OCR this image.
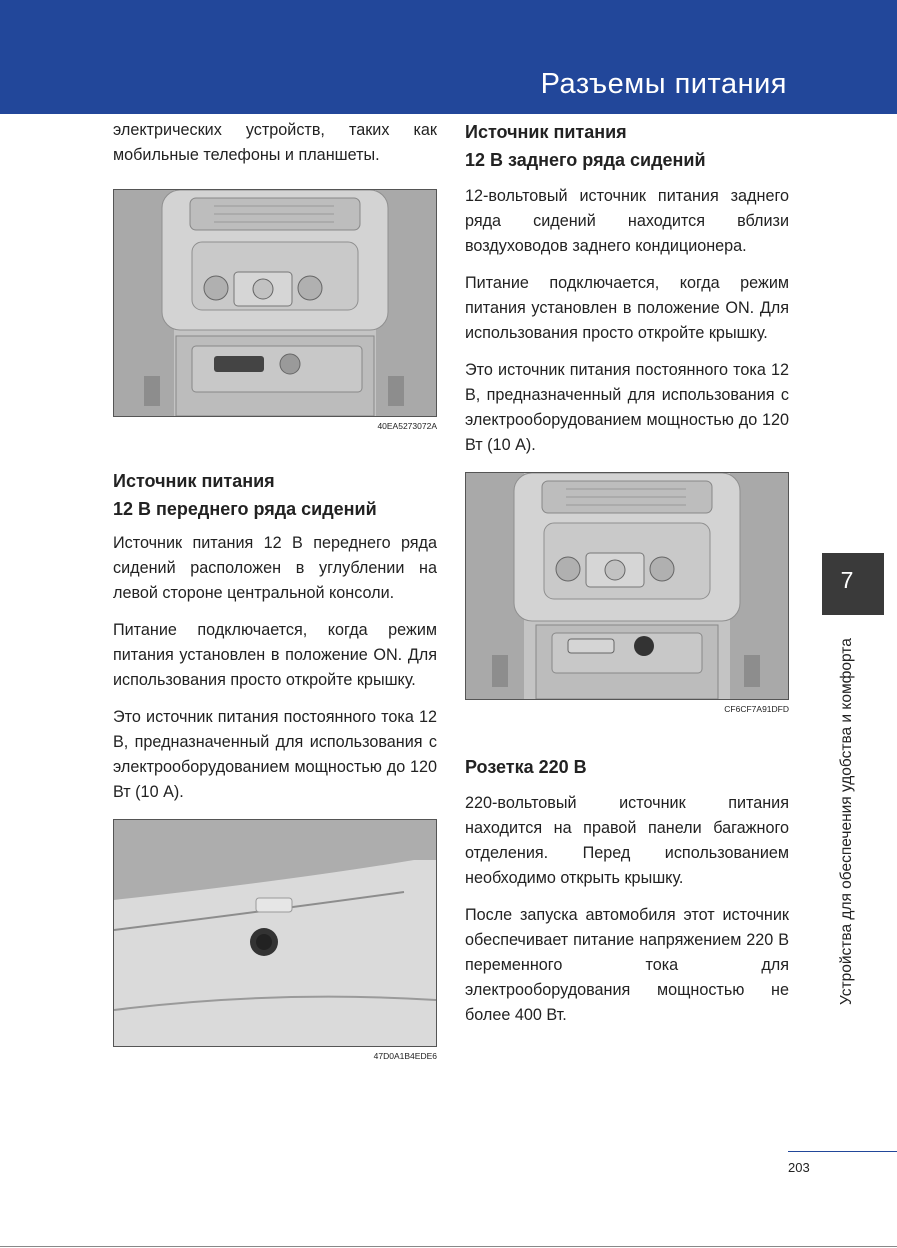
Разъемы питания

электрических устройств, таких как мобильные телефоны и планшеты.

40EA5273072A
Источник питания
12 В переднего ряда сидений

Источник питания 12 В переднего ряда сидений расположен в углублении на левой стороне центральной консоли.

Питание подключается, когда режим питания установлен в положение ON. Для использования просто откройте крышку.

Это источник питания постоянного тока 12 В, предназначенный для использования с электрооборудованием мощностью до 120 Вт (10 А).

47D0A1B4EDE6
Источник питания
12 В заднего ряда сидений

12-вольтовый источник питания заднего ряда сидений находится вблизи воздуховодов заднего кондиционера.

Питание подключается, когда режим питания установлен в положение ON. Для использования просто откройте крышку.

Это источник питания постоянного тока 12 В, предназначенный для использования с электрооборудованием мощностью до 120 Вт (10 А).

CF6CF7A91DFD
Розетка 220 В

220-вольтовый источник питания находится на правой панели багажного отделения. Перед использованием необходимо открыть крышку.

После запуска автомобиля этот источник обеспечивает питание напряжением 220 В переменного тока для электрооборудования мощностью не более 400 Вт.

7
Устройства для обеспечения удобства и комфорта
203
